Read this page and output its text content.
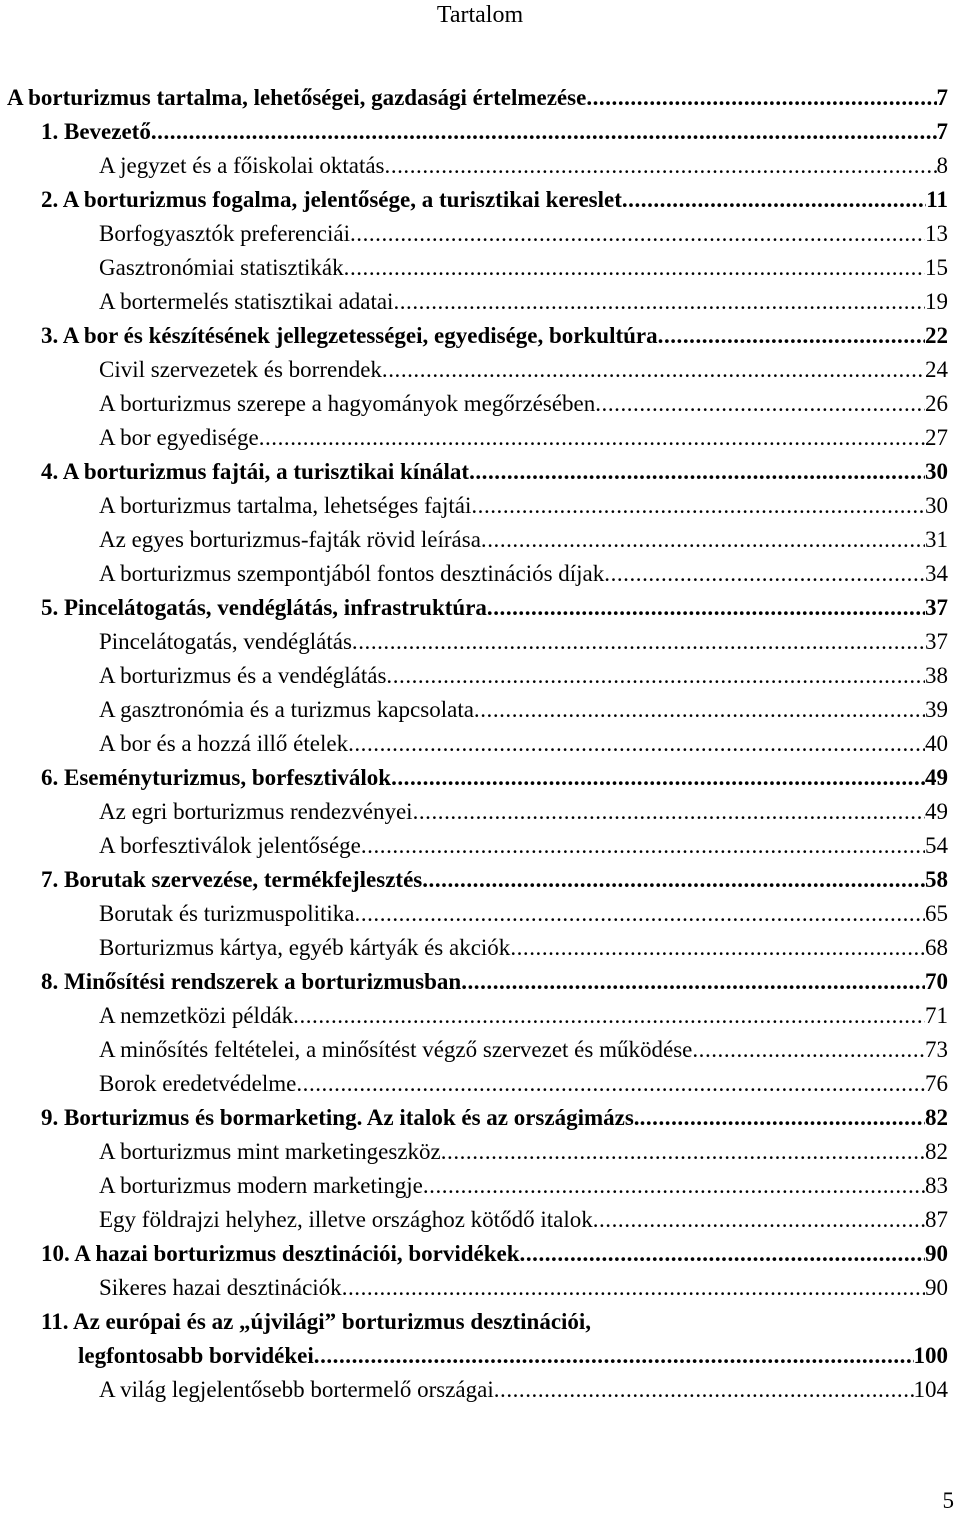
Tartalom
A borturizmus tartalma, lehetőségei, gazdasági értelmezése . . .	7
1. Bevezető . . .	7
A jegyzet és a főiskolai oktatás . . .	8
2. A borturizmus fogalma, jelentősége, a turisztikai kereslet . . .	11
Borfogyasztók preferenciái . . .	13
Gasztronómiai statisztikák . . .	15
A bortermelés statisztikai adatai . . .	19
3. A bor és készítésének jellegzetességei, egyedisége, borkultúra . . .	22
Civil szervezetek és borrendek . . .	24
A borturizmus szerepe a hagyományok megőrzésében . . .	26
A bor egyedisége . . .	27
4. A borturizmus fajtái, a turisztikai kínálat . . .	30
A borturizmus tartalma, lehetséges fajtái . . .	30
Az egyes borturizmus-fajták rövid leírása . . .	31
A borturizmus szempontjából fontos desztinációs díjak . . .	34
5. Pincelátogatás, vendéglátás, infrastruktúra . . .	37
Pincelátogatás, vendéglátás . . .	37
A borturizmus és a vendéglátás . . .	38
A gasztronómia és a turizmus kapcsolata . . .	39
A bor és a hozzá illő ételek . . .	40
6. Eseményturizmus, borfesztiválok . . .	49
Az egri borturizmus rendezvényei . . .	49
A borfesztiválok jelentősége . . .	54
7. Borutak szervezése, termékfejlesztés . . .	58
Borutak és turizmuspolitika . . .	65
Borturizmus kártya, egyéb kártyák és akciók . . .	68
8. Minősítési rendszerek a borturizmusban . . .	70
A nemzetközi példák . . .	71
A minősítés feltételei, a minősítést végző szervezet és működése . . .	73
Borok eredetvédelme . . .	76
9. Borturizmus és bormarketing. Az italok és az országimázs. . . .	82
A borturizmus mint marketingeszköz . . .	82
A borturizmus modern marketingje . . .	83
Egy földrajzi helyhez, illetve országhoz kötődő italok . . .	87
10. A hazai borturizmus desztinációi, borvidékek . . .	90
Sikeres hazai desztinációk . . .	90
11. Az európai és az „újvilági” borturizmus desztinációi,
legfontosabb borvidékei . . .	100
A világ legjelentősebb bortermelő országai . . .	104
5
